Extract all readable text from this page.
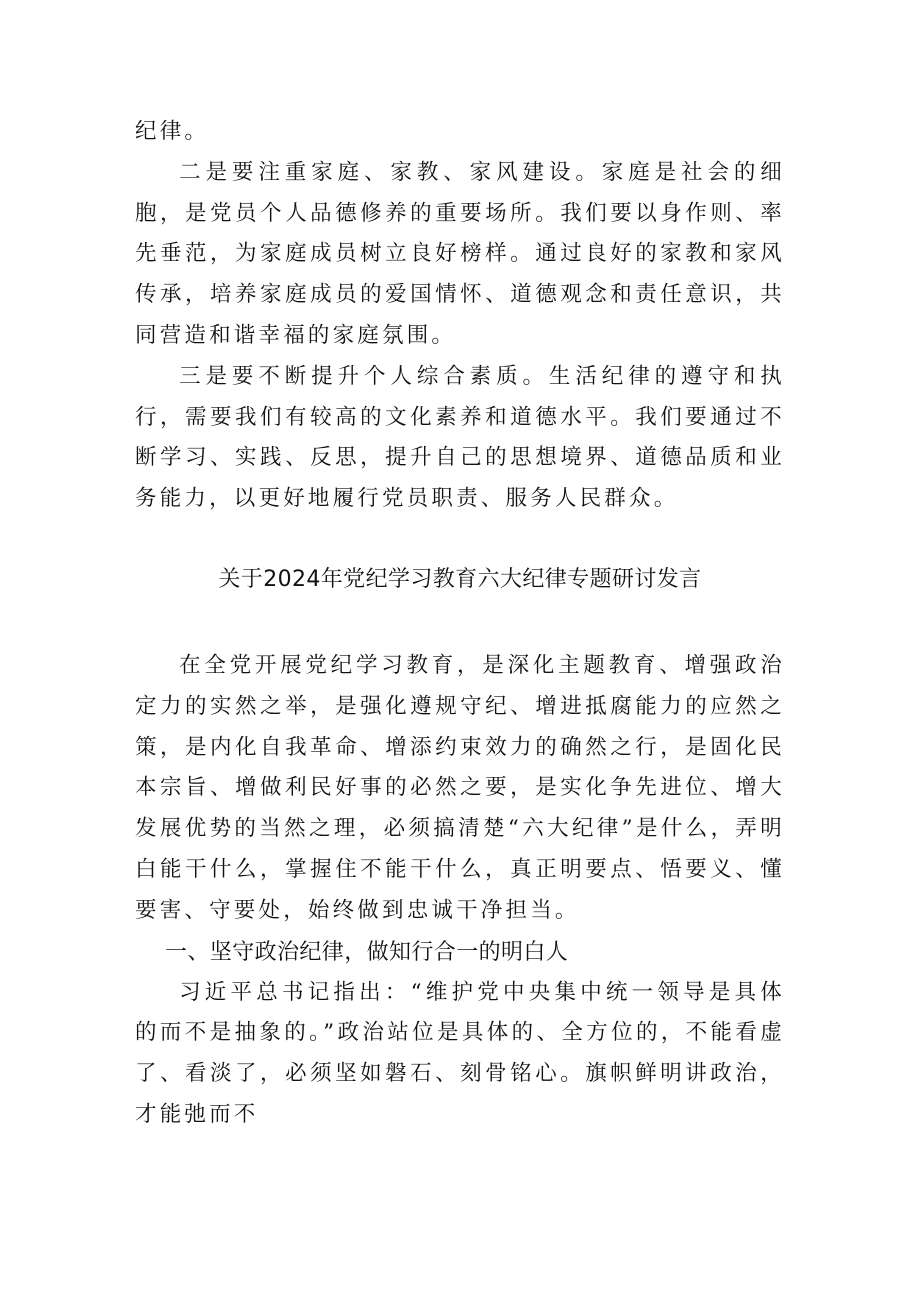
纪律。

二是要注重家庭、家教、家风建设。家庭是社会的细胞，是党员个人品德修养的重要场所。我们要以身作则、率先垂范，为家庭成员树立良好榜样。通过良好的家教和家风传承，培养家庭成员的爱国情怀、道德观念和责任意识，共同营造和谐幸福的家庭氛围。

三是要不断提升个人综合素质。生活纪律的遵守和执行，需要我们有较高的文化素养和道德水平。我们要通过不断学习、实践、反思，提升自己的思想境界、道德品质和业务能力，以更好地履行党员职责、服务人民群众。

关于2024年党纪学习教育六大纪律专题研讨发言

在全党开展党纪学习教育，是深化主题教育、增强政治定力的实然之举，是强化遵规守纪、增进抵腐能力的应然之策，是内化自我革命、增添约束效力的确然之行，是固化民本宗旨、增做利民好事的必然之要，是实化争先进位、增大发展优势的当然之理，必须搞清楚“六大纪律”是什么，弄明白能干什么，掌握住不能干什么，真正明要点、悟要义、懂要害、守要处，始终做到忠诚干净担当。

一、坚守政治纪律，做知行合一的明白人

习近平总书记指出：“维护党中央集中统一领导是具体的而不是抽象的。”政治站位是具体的、全方位的，不能看虚了、看淡了，必须坚如磐石、刻骨铭心。旗帜鲜明讲政治，才能弛而不
